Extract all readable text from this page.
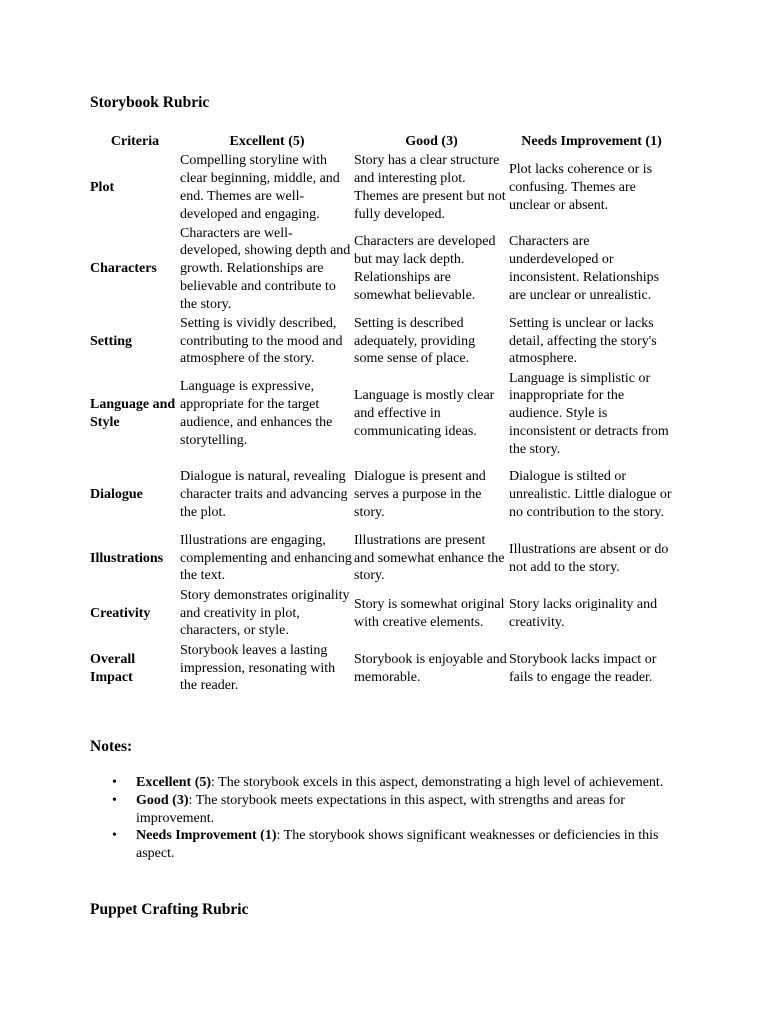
Storybook Rubric
Criteria	Excellent (5)	Good (3)	Needs Improvement (1)
Plot	Compelling storyline with clear beginning, middle, and end. Themes are well-developed and engaging.	Story has a clear structure and interesting plot. Themes are present but not fully developed.	Plot lacks coherence or is confusing. Themes are unclear or absent.
Characters	Characters are well-developed, showing depth and growth. Relationships are believable and contribute to the story.	Characters are developed but may lack depth. Relationships are somewhat believable.	Characters are underdeveloped or inconsistent. Relationships are unclear or unrealistic.
Setting	Setting is vividly described, contributing to the mood and atmosphere of the story.	Setting is described adequately, providing some sense of place.	Setting is unclear or lacks detail, affecting the story's atmosphere.
Language and Style	Language is expressive, appropriate for the target audience, and enhances the storytelling.	Language is mostly clear and effective in communicating ideas.	Language is simplistic or inappropriate for the audience. Style is inconsistent or detracts from the story.
Dialogue	Dialogue is natural, revealing character traits and advancing the plot.	Dialogue is present and serves a purpose in the story.	Dialogue is stilted or unrealistic. Little dialogue or no contribution to the story.
Illustrations	Illustrations are engaging, complementing and enhancing the text.	Illustrations are present and somewhat enhance the story.	Illustrations are absent or do not add to the story.
Creativity	Story demonstrates originality and creativity in plot, characters, or style.	Story is somewhat original with creative elements.	Story lacks originality and creativity.
Overall Impact	Storybook leaves a lasting impression, resonating with the reader.	Storybook is enjoyable and memorable.	Storybook lacks impact or fails to engage the reader.
Notes:
• Excellent (5): The storybook excels in this aspect, demonstrating a high level of achievement.
• Good (3): The storybook meets expectations in this aspect, with strengths and areas for improvement.
• Needs Improvement (1): The storybook shows significant weaknesses or deficiencies in this aspect.
Puppet Crafting Rubric
